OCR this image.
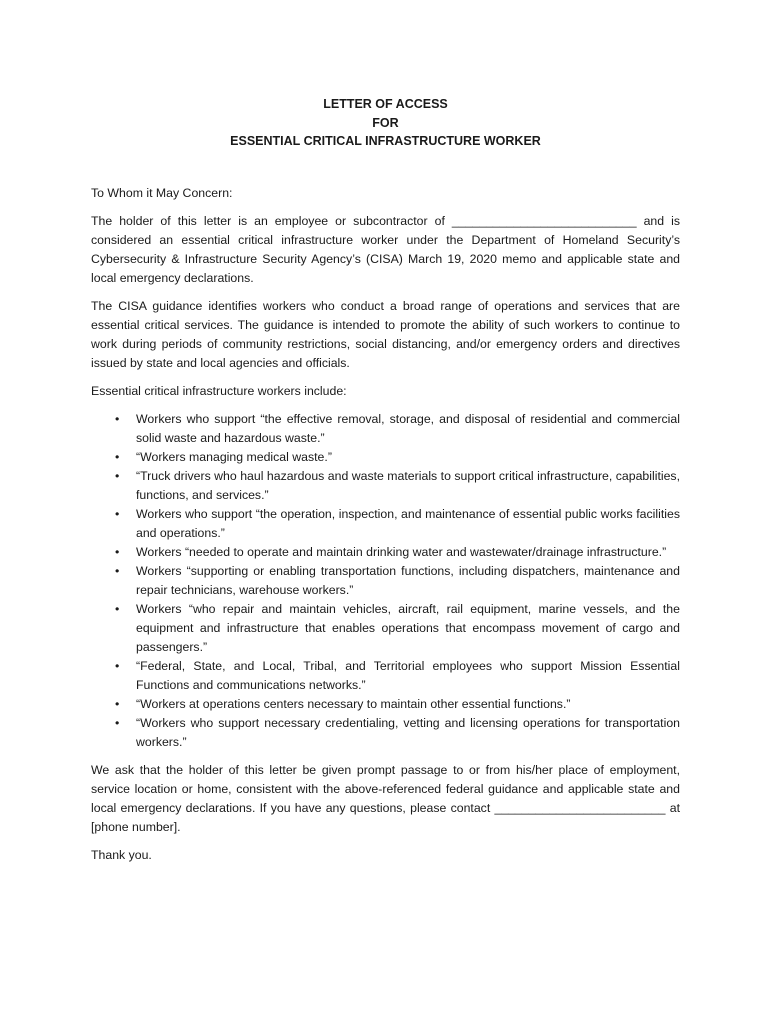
LETTER OF ACCESS
FOR
ESSENTIAL CRITICAL INFRASTRUCTURE WORKER

To Whom it May Concern:

The holder of this letter is an employee or subcontractor of ___________________________ and is considered an essential critical infrastructure worker under the Department of Homeland Security’s Cybersecurity & Infrastructure Security Agency’s (CISA) March 19, 2020 memo and applicable state and local emergency declarations.

The CISA guidance identifies workers who conduct a broad range of operations and services that are essential critical services. The guidance is intended to promote the ability of such workers to continue to work during periods of community restrictions, social distancing, and/or emergency orders and directives issued by state and local agencies and officials.

Essential critical infrastructure workers include:

• Workers who support “the effective removal, storage, and disposal of residential and commercial solid waste and hazardous waste.”
• “Workers managing medical waste.”
• “Truck drivers who haul hazardous and waste materials to support critical infrastructure, capabilities, functions, and services.”
• Workers who support “the operation, inspection, and maintenance of essential public works facilities and operations.”
• Workers “needed to operate and maintain drinking water and wastewater/drainage infrastructure.”
• Workers “supporting or enabling transportation functions, including dispatchers, maintenance and repair technicians, warehouse workers.”
• Workers “who repair and maintain vehicles, aircraft, rail equipment, marine vessels, and the equipment and infrastructure that enables operations that encompass movement of cargo and passengers.”
• “Federal, State, and Local, Tribal, and Territorial employees who support Mission Essential Functions and communications networks.”
• “Workers at operations centers necessary to maintain other essential functions.”
• “Workers who support necessary credentialing, vetting and licensing operations for transportation workers.”

We ask that the holder of this letter be given prompt passage to or from his/her place of employment, service location or home, consistent with the above-referenced federal guidance and applicable state and local emergency declarations. If you have any questions, please contact _________________________ at [phone number].

Thank you.
